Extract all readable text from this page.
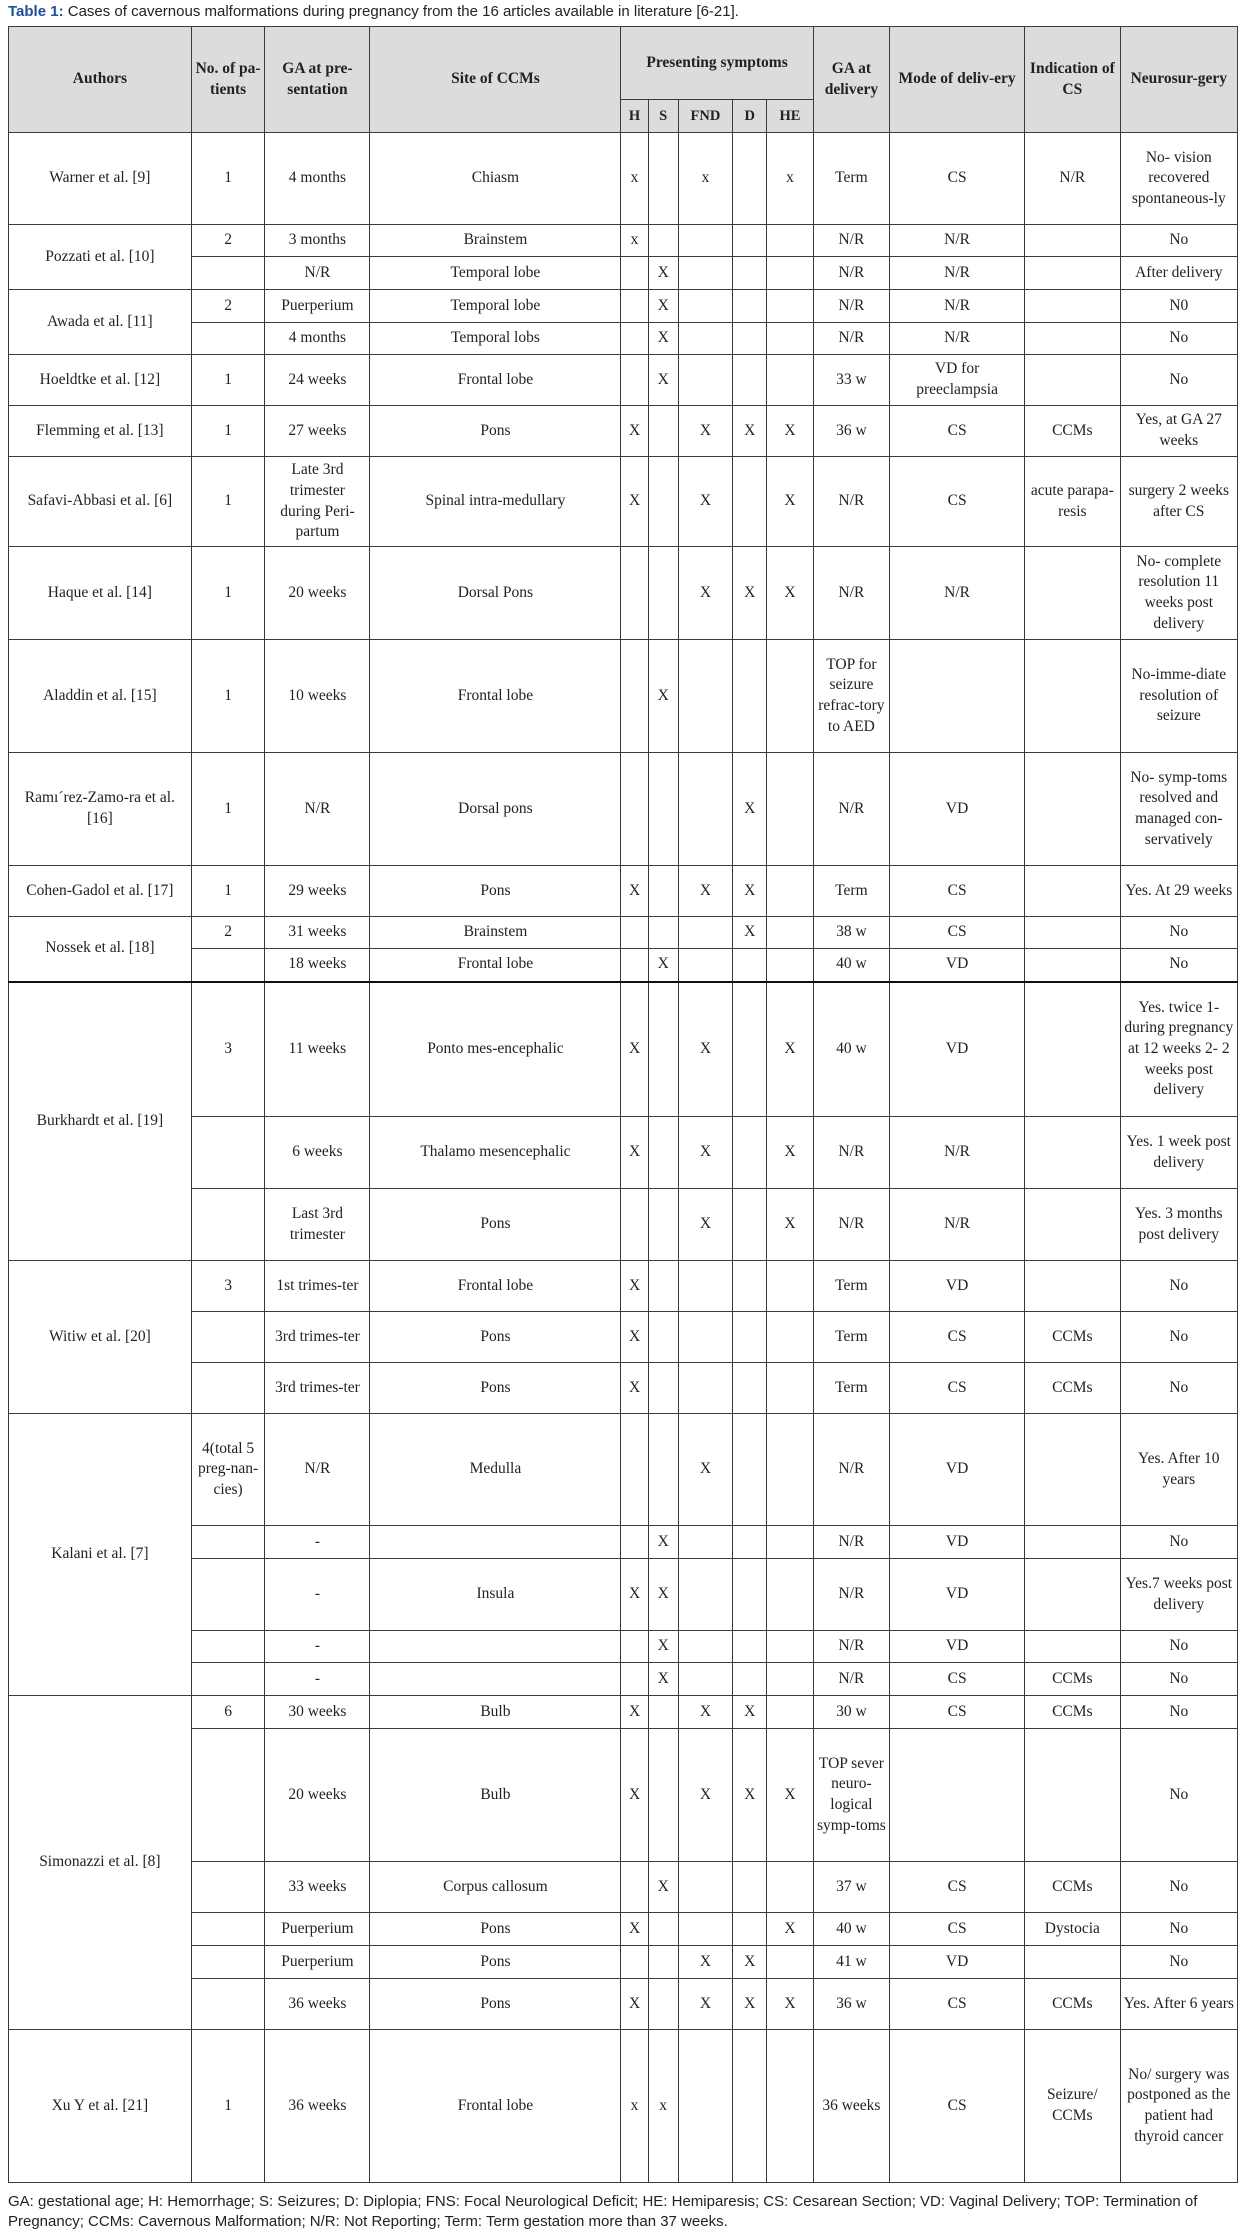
Table 1: Cases of cavernous malformations during pregnancy from the 16 articles available in literature [6-21].
Authors	No. of pa-tients	GA at pre-sentation	Site of CCMs	Presenting symptoms					GA at delivery	Mode of deliv-ery	Indication of CS	Neurosur-gery
				H	S	FND	D	HE				
Warner et al. [9]	1	4 months	Chiasm	x		x		x	Term	CS	N/R	No- vision recovered spontaneous-ly
Pozzati et al. [10]	2	3 months	Brainstem	x					N/R	N/R		No
		N/R	Temporal lobe		X				N/R	N/R		After delivery
Awada et al. [11]	2	Puerperium	Temporal lobe		X				N/R	N/R		N0
		4 months	Temporal lobs		X				N/R	N/R		No
Hoeldtke et al. [12]	1	24 weeks	Frontal lobe		X				33 w	VD for preeclampsia		No
Flemming et al. [13]	1	27 weeks	Pons	X		X	X	X	36 w	CS	CCMs	Yes, at GA 27 weeks
Safavi-Abbasi et al. [6]	1	Late 3rd trimester during Peri-partum	Spinal intra-medullary	X		X		X	N/R	CS	acute parapa-resis	surgery 2 weeks after CS
Haque et al. [14]	1	20 weeks	Dorsal Pons			X	X	X	N/R	N/R		No- complete resolution 11 weeks post delivery
Aladdin et al. [15]	1	10 weeks	Frontal lobe		X				TOP for seizure refrac-tory to AED			No-imme-diate resolution of seizure
Ramı´rez-Zamo-ra et al. [16]	1	N/R	Dorsal pons				X		N/R	VD		No- symp-toms resolved and managed con-servatively
Cohen-Gadol et al. [17]	1	29 weeks	Pons	X		X	X		Term	CS		Yes. At 29 weeks
Nossek et al. [18]	2	31 weeks	Brainstem				X		38 w	CS		No
		18 weeks	Frontal lobe		X				40 w	VD		No
Burkhardt et al. [19]	3	11 weeks	Ponto mes-encephalic	X		X		X	40 w	VD		Yes. twice 1- during pregnancy at 12 weeks 2- 2 weeks post delivery
		6 weeks	Thalamo mesencephalic	X		X		X	N/R	N/R		Yes. 1 week post delivery
		Last 3rd trimester	Pons			X		X	N/R	N/R		Yes. 3 months post delivery
Witiw et al. [20]	3	1st trimes-ter	Frontal lobe	X					Term	VD		No
		3rd trimes-ter	Pons	X					Term	CS	CCMs	No
		3rd trimes-ter	Pons	X					Term	CS	CCMs	No
Kalani et al. [7]	4(total 5 preg-nan-cies)	N/R	Medulla			X			N/R	VD		Yes. After 10 years
		-			X				N/R	VD		No
		-	Insula	X	X				N/R	VD		Yes.7 weeks post delivery
		-			X				N/R	VD		No
		-			X				N/R	CS	CCMs	No
Simonazzi et al. [8]	6	30 weeks	Bulb	X		X	X		30 w	CS	CCMs	No
		20 weeks	Bulb	X		X	X	X	TOP sever neuro-logical symp-toms			No
		33 weeks	Corpus callosum		X				37 w	CS	CCMs	No
		Puerperium	Pons	X				X	40 w	CS	Dystocia	No
		Puerperium	Pons			X	X		41 w	VD		No
		36 weeks	Pons	X		X	X	X	36 w	CS	CCMs	Yes. After 6 years
Xu Y et al. [21]	1	36 weeks	Frontal lobe	x	x				36 weeks	CS	Seizure/ CCMs	No/ surgery was postponed as the patient had thyroid cancer
GA: gestational age; H: Hemorrhage; S: Seizures; D: Diplopia; FNS: Focal Neurological Deficit; HE: Hemiparesis; CS: Cesarean Section; VD: Vaginal Delivery; TOP: Termination of Pregnancy; CCMs: Cavernous Malformation; N/R: Not Reporting; Term: Term gestation more than 37 weeks.
